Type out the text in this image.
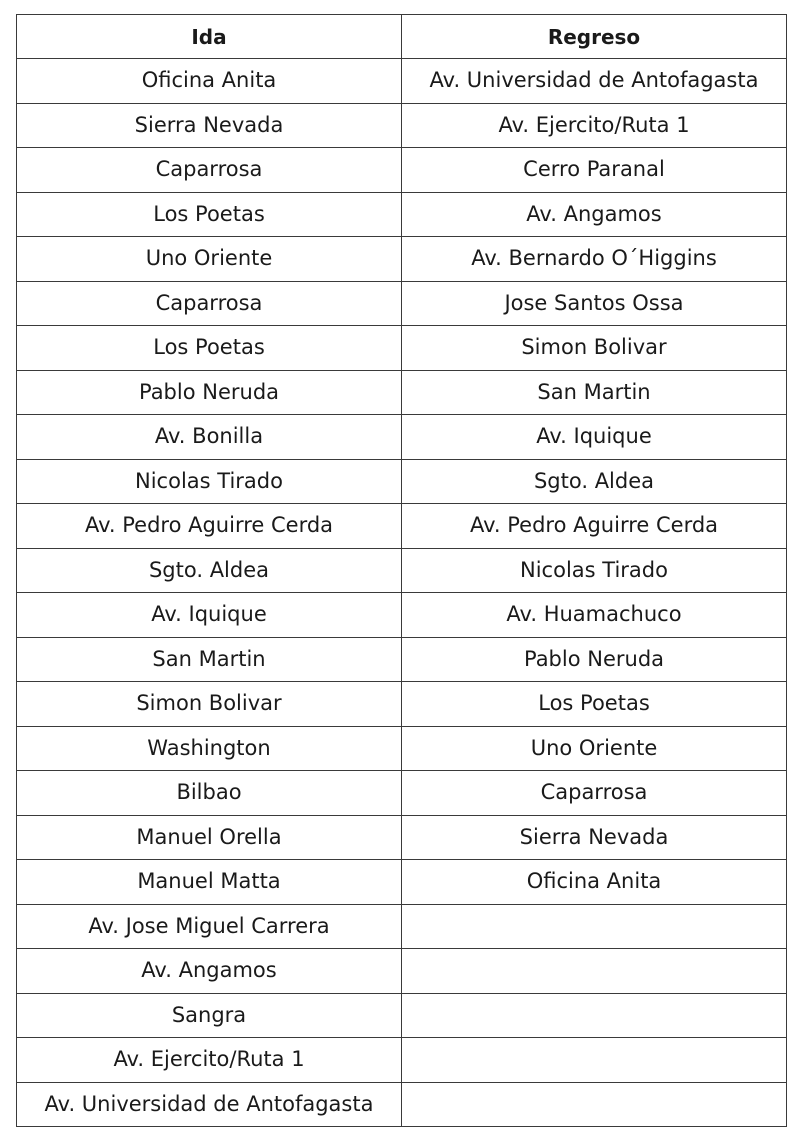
Ida	Regreso
Oficina Anita	Av. Universidad de Antofagasta
Sierra Nevada	Av. Ejercito/Ruta 1
Caparrosa	Cerro Paranal
Los Poetas	Av. Angamos
Uno Oriente	Av. Bernardo O´Higgins
Caparrosa	Jose Santos Ossa
Los Poetas	Simon Bolivar
Pablo Neruda	San Martin
Av. Bonilla	Av. Iquique
Nicolas Tirado	Sgto. Aldea
Av. Pedro Aguirre Cerda	Av. Pedro Aguirre Cerda
Sgto. Aldea	Nicolas Tirado
Av. Iquique	Av. Huamachuco
San Martin	Pablo Neruda
Simon Bolivar	Los Poetas
Washington	Uno Oriente
Bilbao	Caparrosa
Manuel Orella	Sierra Nevada
Manuel Matta	Oficina Anita
Av. Jose Miguel Carrera	
Av. Angamos	
Sangra	
Av. Ejercito/Ruta 1	
Av. Universidad de Antofagasta	
